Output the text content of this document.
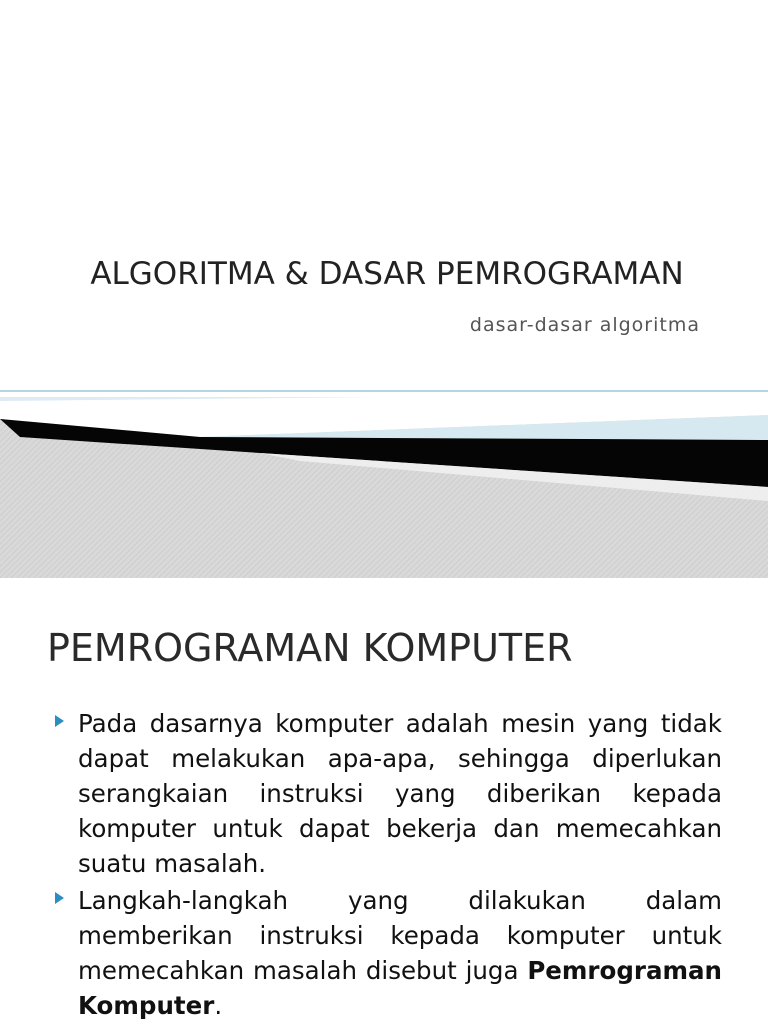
ALGORITMA & DASAR PEMROGRAMAN
dasar-dasar algoritma
PEMROGRAMAN KOMPUTER
Pada dasarnya komputer adalah mesin yang tidak dapat melakukan apa-apa, sehingga diperlukan serangkaian instruksi yang diberikan kepada komputer untuk dapat bekerja dan memecahkan suatu masalah.
Langkah-langkah yang dilakukan dalam memberikan instruksi kepada komputer untuk memecahkan masalah disebut juga Pemrograman Komputer.
